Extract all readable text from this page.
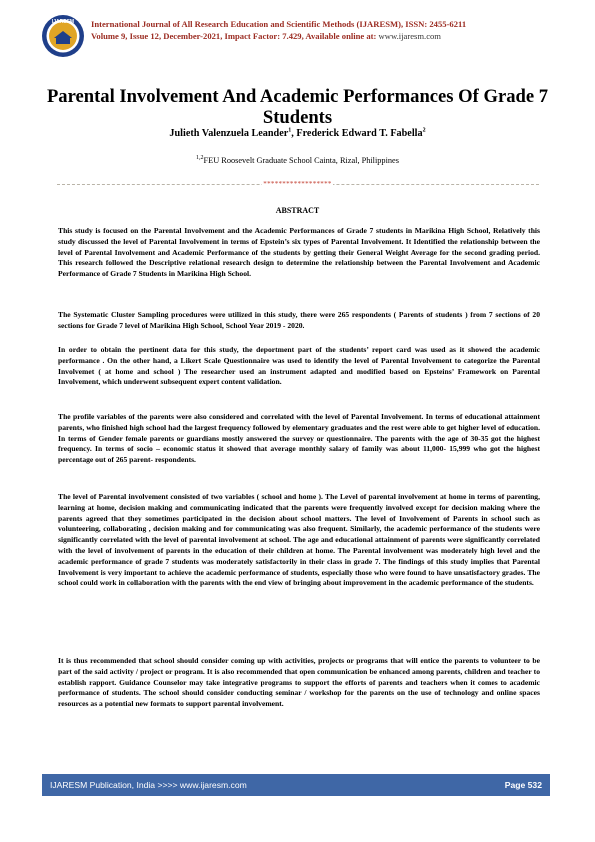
IJARESM International Journal of All Research Education and Scientific Methods (IJARESM), ISSN: 2455-6211
Volume 9, Issue 12, December-2021, Impact Factor: 7.429, Available online at: www.ijaresm.com
Parental Involvement And Academic Performances Of Grade 7 Students
Julieth Valenzuela Leander$^1$, Frederick Edward T. Fabella$^2$
$^{1,2}$FEU Roosevelt Graduate School Cainta, Rizal, Philippines
******************
ABSTRACT

This study is focused on the Parental Involvement and the Academic Performances of Grade 7 students in Marikina High School, Relatively this study discussed the level of Parental Involvement in terms of Epstein’s six types of Parental Involvement. It Identified the relationship between the level of Parental Involvement and Academic Performance of the students by getting their General Weight Average for the second grading period. This research followed the Descriptive relational research design to determine the relationship between the Parental Involvement and Academic Performance of Grade 7 Students in Marikina High School.

The Systematic Cluster Sampling procedures were utilized in this study, there were 265 respondents ( Parents of students ) from 7 sections of 20 sections for Grade 7 level of Marikina High School, School Year 2019 - 2020.

In order to obtain the pertinent data for this study, the deportment part of the students’ report card was used as it showed the academic performance . On the other hand, a Likert Scale Questionnaire was used to identify the level of Parental Involvement to categorize the Parental Involvemet ( at home and school ) The researcher used an instrument adapted and modified based on Epsteins’ Framework on Parental Involvement, which underwent subsequent expert content validation.

The profile variables of the parents were also considered and correlated with the level of Parental Involvement. In terms of educational attainment parents, who finished high school had the largest frequency followed by elementary graduates and the rest were able to get higher level of education. In terms of Gender female parents or guardians mostly answered the survey or questionnaire. The parents with the age of 30-35 got the highest frequency. In terms of socio – economic status it showed that average monthly salary of family was about 11,000- 15,999 who got the highest percentage out of 265 parent- respondents.

The level of Parental involvement consisted of two variables ( school and home ). The Level of parental involvement at home in terms of parenting, learning at home, decision making and communicating indicated that the parents were frequently involved except for decision making where the parents agreed that they sometimes participated in the decision about school matters. The level of Involvement of Parents in school such as volunteering, collaborating , decision making and for communicating was also frequent. Similarly, the academic performance of the students were significantly correlated with the level of parental involvement at school. The age and educational attainment of parents were significantly correlated with the level of involvement of parents in the education of their children at home. The Parental involvement was moderately high level and the academic performance of grade 7 students was moderately satisfactorily in their class in grade 7. The findings of this study implies that Parental Involvement is very important to achieve the academic performance of students, especially those who were found to have unsatisfactory grades. The school could work in collaboration with the parents with the end view of bringing about improvement in the academic performance of the students.

It is thus recommended that school should consider coming up with activities, projects or programs that will entice the parents to volunteer to be part of the said activity / project or program. It is also recommended that open communication be enhanced among parents, children and teacher to establish rapport. Guidance Counselor may take integrative programs to support the efforts of parents and teachers when it comes to academic performance of students. The school should consider conducting seminar / workshop for the parents on the use of technology and online spaces resources as a potential new formats to support parental involvement.

IJARESM Publication, India >>>> www.ijaresm.com	Page 532
